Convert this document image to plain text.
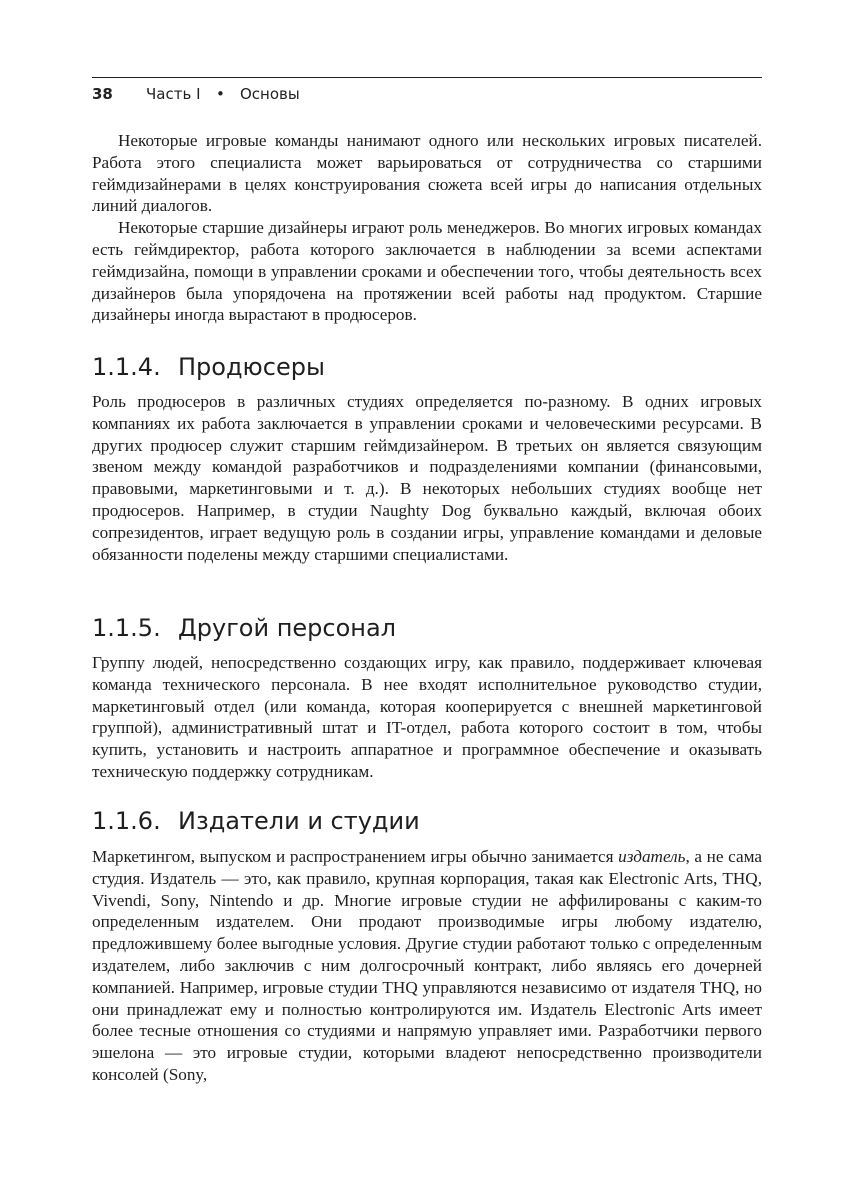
38 Часть I • Основы

Некоторые игровые команды нанимают одного или нескольких игровых писателей. Работа этого специалиста может варьироваться от сотрудничества со старшими геймдизайнерами в целях конструирования сюжета всей игры до написания отдельных линий диалогов.

Некоторые старшие дизайнеры играют роль менеджеров. Во многих игровых командах есть геймдиректор, работа которого заключается в наблюдении за всеми аспектами геймдизайна, помощи в управлении сроками и обеспечении того, чтобы деятельность всех дизайнеров была упорядочена на протяжении всей работы над продуктом. Старшие дизайнеры иногда вырастают в продюсеров.

1.1.4. Продюсеры

Роль продюсеров в различных студиях определяется по-разному. В одних игровых компаниях их работа заключается в управлении сроками и человеческими ресурсами. В других продюсер служит старшим геймдизайнером. В третьих он является связующим звеном между командой разработчиков и подразделениями компании (финансовыми, правовыми, маркетинговыми и т. д.). В некоторых небольших студиях вообще нет продюсеров. Например, в студии Naughty Dog буквально каждый, включая обоих сопрезидентов, играет ведущую роль в создании игры, управление командами и деловые обязанности поделены между старшими специалистами.

1.1.5. Другой персонал

Группу людей, непосредственно создающих игру, как правило, поддерживает ключевая команда технического персонала. В нее входят исполнительное руководство студии, маркетинговый отдел (или команда, которая кооперируется с внешней маркетинговой группой), административный штат и IT-отдел, работа которого состоит в том, чтобы купить, установить и настроить аппаратное и программное обеспечение и оказывать техническую поддержку сотрудникам.

1.1.6. Издатели и студии

Маркетингом, выпуском и распространением игры обычно занимается издатель, а не сама студия. Издатель — это, как правило, крупная корпорация, такая как Electronic Arts, THQ, Vivendi, Sony, Nintendo и др. Многие игровые студии не аффилированы с каким-то определенным издателем. Они продают производимые игры любому издателю, предложившему более выгодные условия. Другие студии работают только с определенным издателем, либо заключив с ним долгосрочный контракт, либо являясь его дочерней компанией. Например, игровые студии THQ управляются независимо от издателя THQ, но они принадлежат ему и полностью контролируются им. Издатель Electronic Arts имеет более тесные отношения со студиями и напрямую управляет ими. Разработчики первого эшелона — это игровые студии, которыми владеют непосредственно производители консолей (Sony,
